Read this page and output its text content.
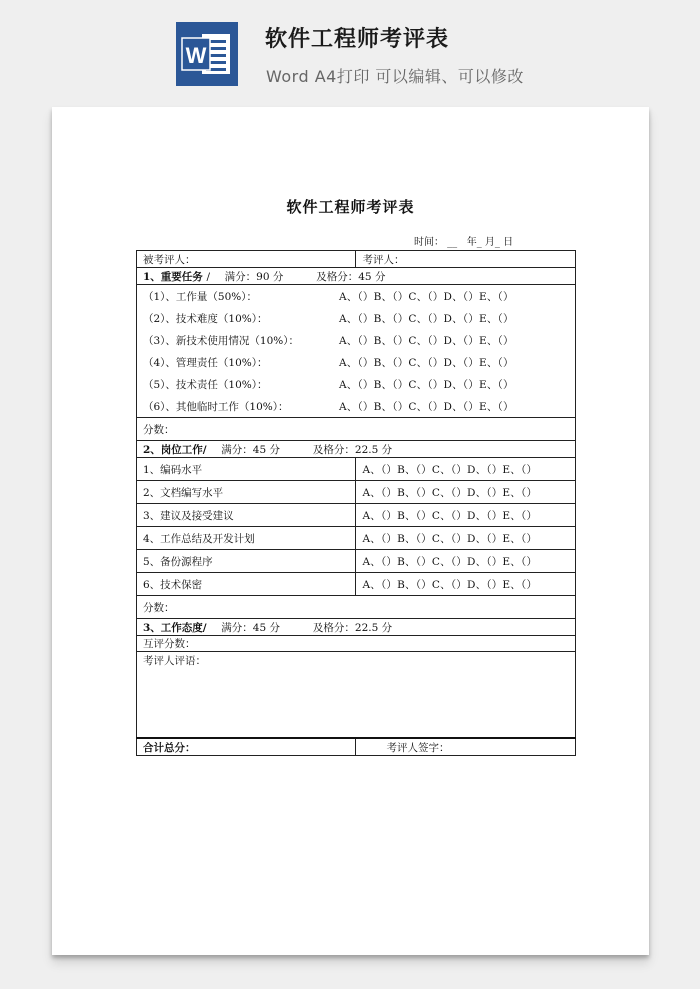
W
软件工程师考评表
Word A4打印 可以编辑、可以修改
软件工程师考评表
时间： __   年_ 月_ 日
被考评人：	考评人：
1、重要任务 / 满分：90 分 及格分：45 分	
（1）、工作量（50%）： A、（）B、（）C、（）D、（）E、（）	
（2）、技术难度（10%）： A、（）B、（）C、（）D、（）E、（）	
（3）、新技术使用情况（10%）： A、（）B、（）C、（）D、（）E、（）	
（4）、管理责任（10%）： A、（）B、（）C、（）D、（）E、（）	
（5）、技术责任（10%）： A、（）B、（）C、（）D、（）E、（）	
（6）、其他临时工作（10%）： A、（）B、（）C、（）D、（）E、（）	
分数：	
2、岗位工作/ 满分：45 分 及格分：22.5 分	
1、编码水平	A、（）B、（）C、（）D、（）E、（）
2、文档编写水平	A、（）B、（）C、（）D、（）E、（）
3、建议及接受建议	A、（）B、（）C、（）D、（）E、（）
4、工作总结及开发计划	A、（）B、（）C、（）D、（）E、（）
5、备份源程序	A、（）B、（）C、（）D、（）E、（）
6、技术保密	A、（）B、（）C、（）D、（）E、（）
分数：	
3、工作态度/ 满分：45 分 及格分：22.5 分	
互评分数：	
考评人评语：	
合计总分：	考评人签字：
